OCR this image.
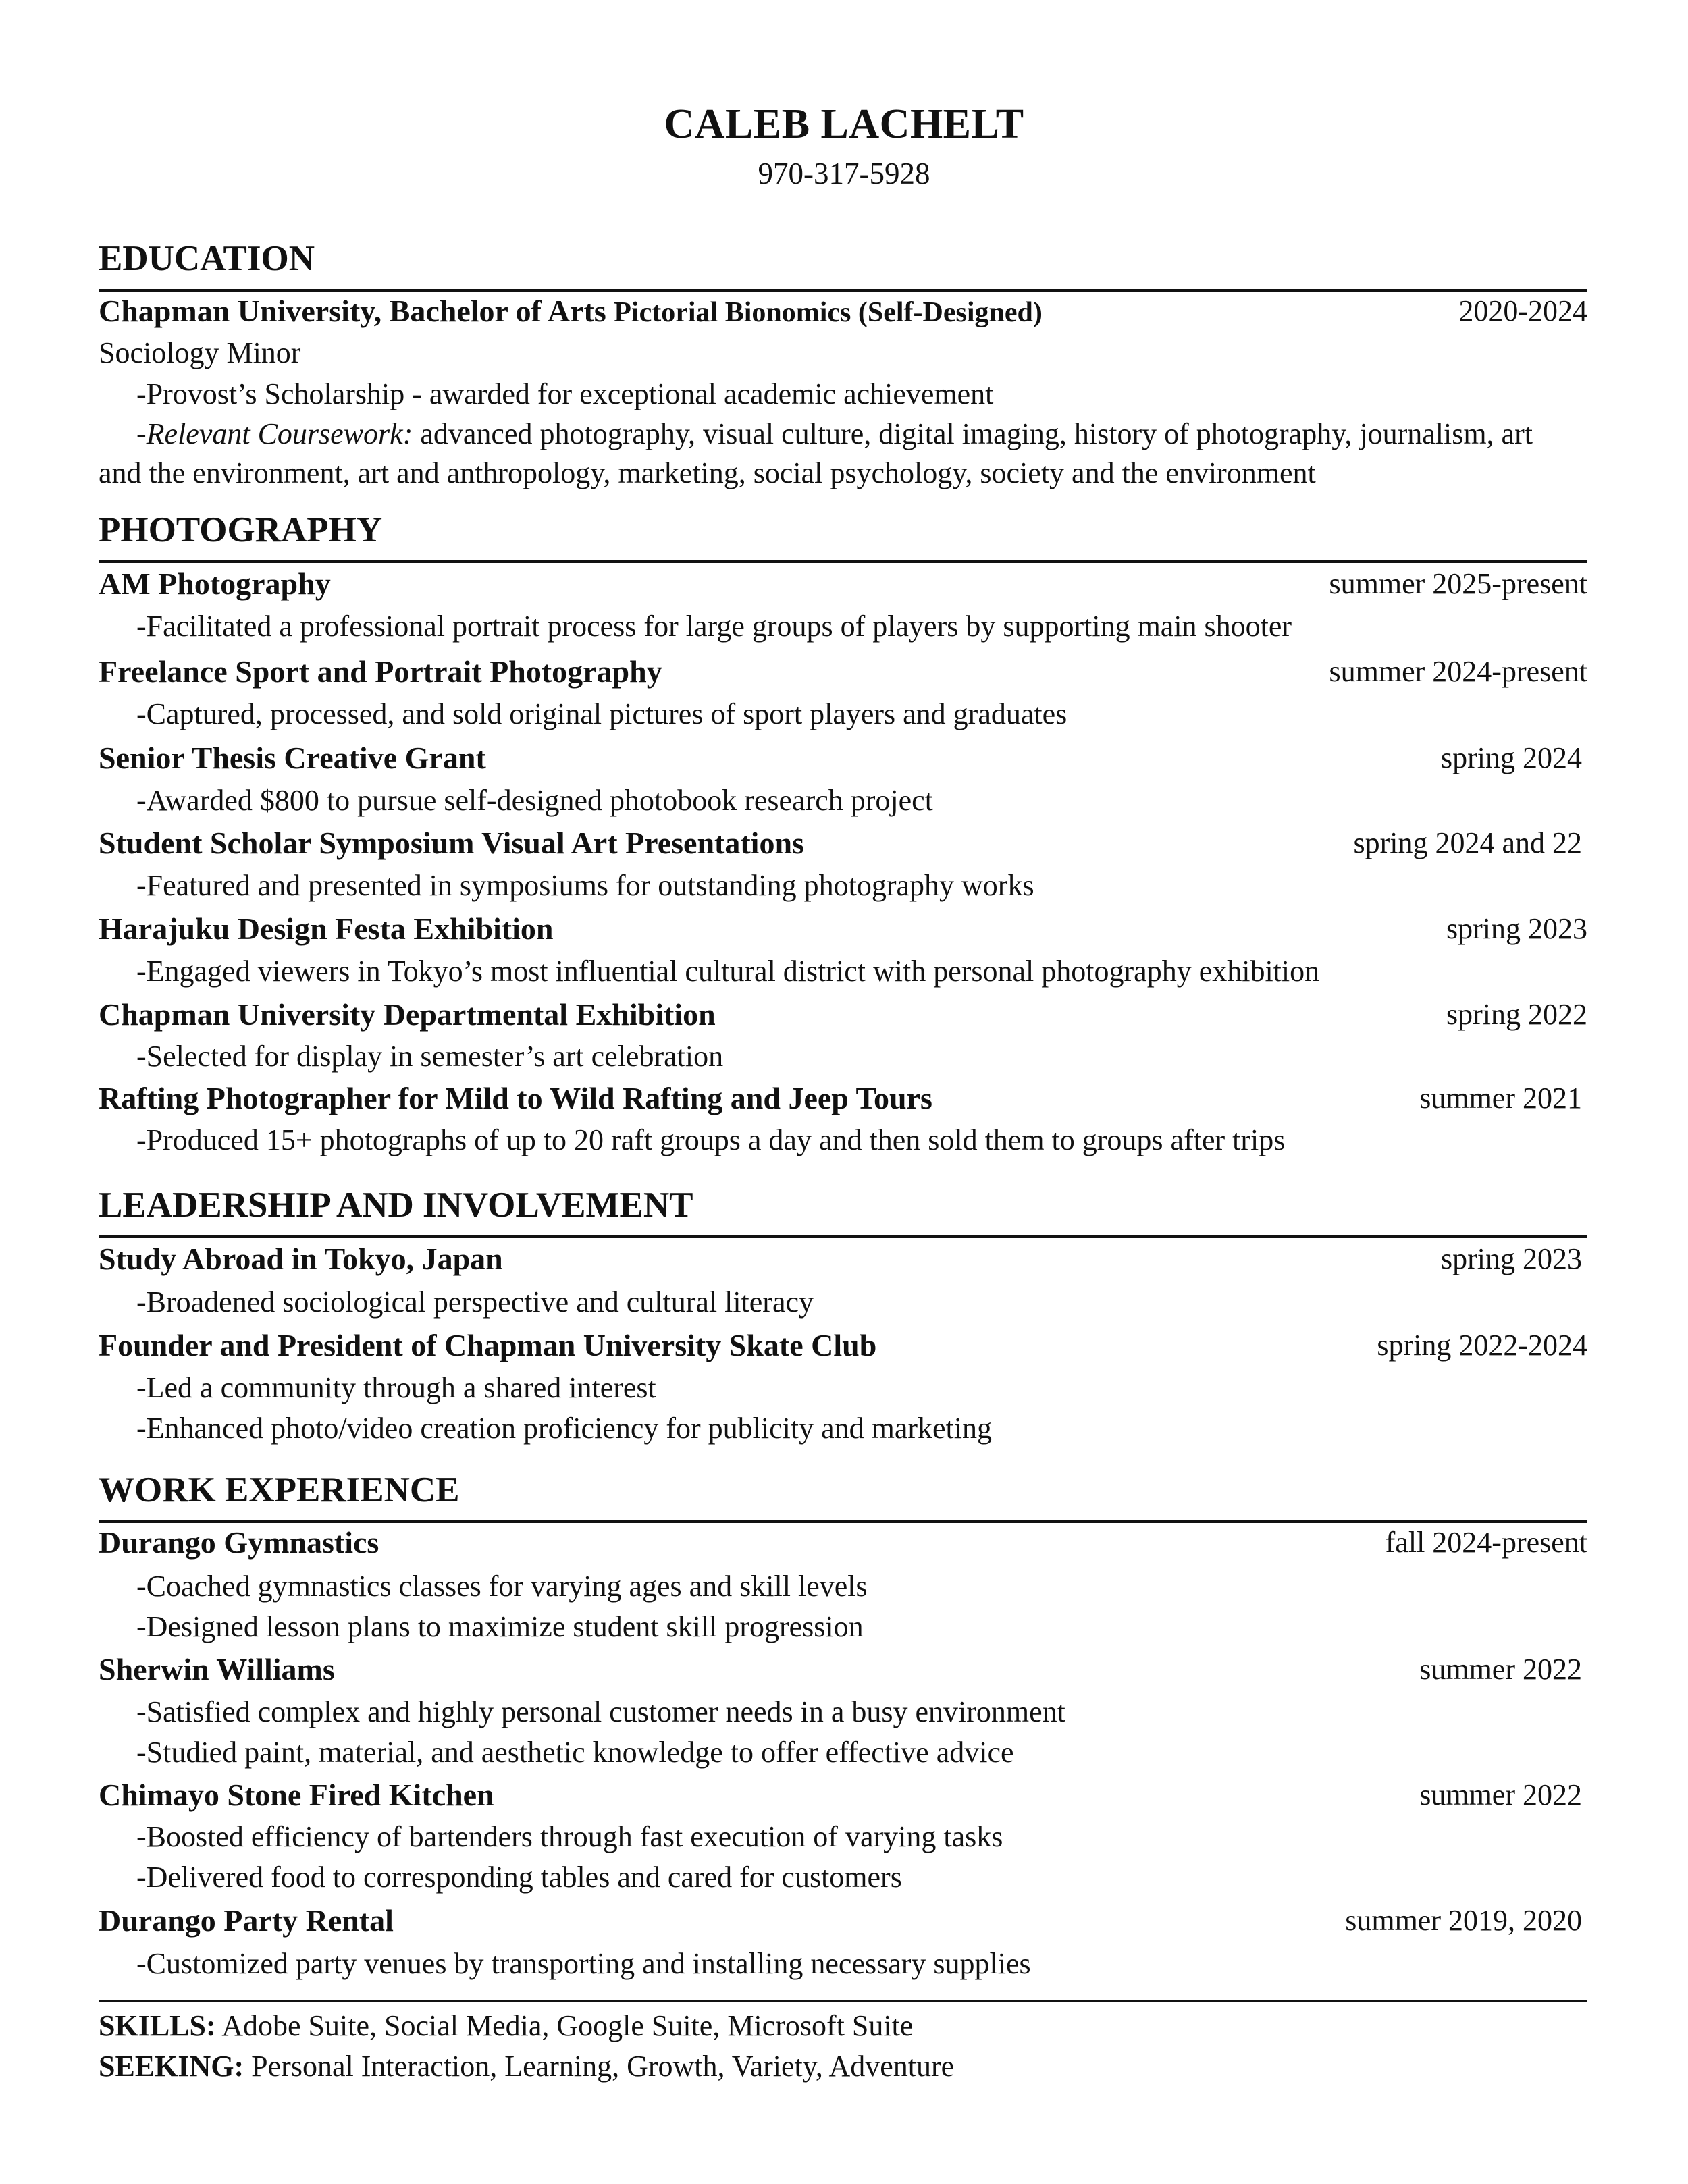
CALEB LACHELT
970-317-5928
EDUCATION
Chapman University, Bachelor of Arts Pictorial Bionomics (Self-Designed)	2020-2024
Sociology Minor
-Provost’s Scholarship - awarded for exceptional academic achievement
-Relevant Coursework: advanced photography, visual culture, digital imaging, history of photography, journalism, art
and the environment, art and anthropology, marketing, social psychology, society and the environment
PHOTOGRAPHY
AM Photography	summer 2025-present
-Facilitated a professional portrait process for large groups of players by supporting main shooter
Freelance Sport and Portrait Photography	summer 2024-present
-Captured, processed, and sold original pictures of sport players and graduates
Senior Thesis Creative Grant	spring 2024
-Awarded $800 to pursue self-designed photobook research project
Student Scholar Symposium Visual Art Presentations	spring 2024 and 22
-Featured and presented in symposiums for outstanding photography works
Harajuku Design Festa Exhibition	spring 2023
-Engaged viewers in Tokyo’s most influential cultural district with personal photography exhibition
Chapman University Departmental Exhibition	spring 2022
-Selected for display in semester’s art celebration
Rafting Photographer for Mild to Wild Rafting and Jeep Tours	summer 2021
-Produced 15+ photographs of up to 20 raft groups a day and then sold them to groups after trips
LEADERSHIP AND INVOLVEMENT
Study Abroad in Tokyo, Japan	spring 2023
-Broadened sociological perspective and cultural literacy
Founder and President of Chapman University Skate Club	spring 2022-2024
-Led a community through a shared interest
-Enhanced photo/video creation proficiency for publicity and marketing
WORK EXPERIENCE
Durango Gymnastics	fall 2024-present
-Coached gymnastics classes for varying ages and skill levels
-Designed lesson plans to maximize student skill progression
Sherwin Williams	summer 2022
-Satisfied complex and highly personal customer needs in a busy environment
-Studied paint, material, and aesthetic knowledge to offer effective advice
Chimayo Stone Fired Kitchen	summer 2022
-Boosted efficiency of bartenders through fast execution of varying tasks
-Delivered food to corresponding tables and cared for customers
Durango Party Rental	summer 2019, 2020
-Customized party venues by transporting and installing necessary supplies
SKILLS: Adobe Suite, Social Media, Google Suite, Microsoft Suite
SEEKING: Personal Interaction, Learning, Growth, Variety, Adventure
